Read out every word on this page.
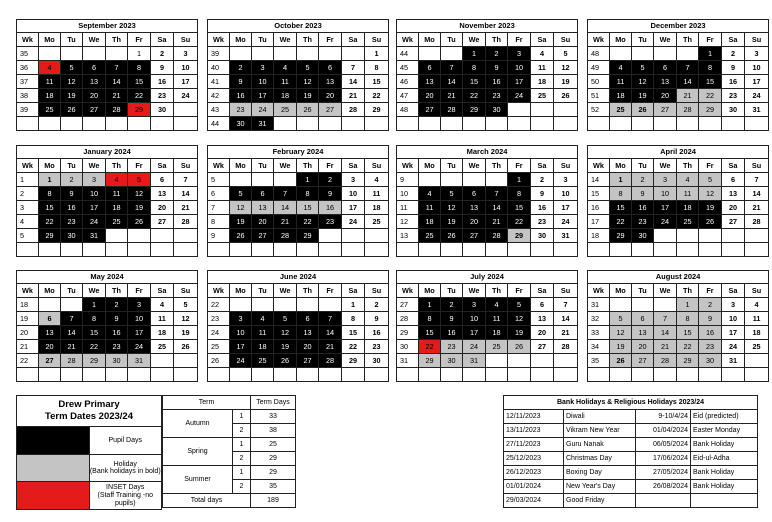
September 2023							
Wk	Mo	Tu	We	Th	Fr	Sa	Su
35					1	2	3
36	4	5	6	7	8	9	10
37	11	12	13	14	15	16	17
38	18	19	20	21	22	23	24
39	25	26	27	28	29	30	

October 2023							
Wk	Mo	Tu	We	Th	Fr	Sa	Su
39							1
40	2	3	4	5	6	7	8
41	9	10	11	12	13	14	15
42	16	17	18	19	20	21	22
43	23	24	25	26	27	28	29
44	30	31					
November 2023							
Wk	Mo	Tu	We	Th	Fr	Sa	Su
44			1	2	3	4	5
45	6	7	8	9	10	11	12
46	13	14	15	16	17	18	19
47	20	21	22	23	24	25	26
48	27	28	29	30			

December 2023							
Wk	Mo	Tu	We	Th	Fr	Sa	Su
48					1	2	3
49	4	5	6	7	8	9	10
50	11	12	13	14	15	16	17
51	18	19	20	21	22	23	24
52	25	26	27	28	29	30	31

January 2024							
Wk	Mo	Tu	We	Th	Fr	Sa	Su
1	1	2	3	4	5	6	7
2	8	9	10	11	12	13	14
3	15	16	17	18	19	20	21
4	22	23	24	25	26	27	28
5	29	30	31				

February 2024							
Wk	Mo	Tu	We	Th	Fr	Sa	Su
5				1	2	3	4
6	5	6	7	8	9	10	11
7	12	13	14	15	16	17	18
8	19	20	21	22	23	24	25
9	26	27	28	29			

March 2024							
Wk	Mo	Tu	We	Th	Fr	Sa	Su
9					1	2	3
10	4	5	6	7	8	9	10
11	11	12	13	14	15	16	17
12	18	19	20	21	22	23	24
13	25	26	27	28	29	30	31

April 2024							
Wk	Mo	Tu	We	Th	Fr	Sa	Su
14	1	2	3	4	5	6	7
15	8	9	10	11	12	13	14
16	15	16	17	18	19	20	21
17	22	23	24	25	26	27	28
18	29	30					

May 2024							
Wk	Mo	Tu	We	Th	Fr	Sa	Su
18			1	2	3	4	5
19	6	7	8	9	10	11	12
20	13	14	15	16	17	18	19
21	20	21	22	23	24	25	26
22	27	28	29	30	31		

June 2024							
Wk	Mo	Tu	We	Th	Fr	Sa	Su
22						1	2
23	3	4	5	6	7	8	9
24	10	11	12	13	14	15	16
25	17	18	19	20	21	22	23
26	24	25	26	27	28	29	30

July 2024							
Wk	Mo	Tu	We	Th	Fr	Sa	Su
27	1	2	3	4	5	6	7
28	8	9	10	11	12	13	14
29	15	16	17	18	19	20	21
30	22	23	24	25	26	27	28
31	29	30	31				

August 2024							
Wk	Mo	Tu	We	Th	Fr	Sa	Su
31				1	2	3	4
32	5	6	7	8	9	10	11
33	12	13	14	15	16	17	18
34	19	20	21	22	23	24	25
35	26	27	28	29	30	31	

Drew Primary
Term Dates 2023/24	

	Pupil Days

	Holiday
(Bank holidays in bold)

	INSET Days
(Staff Training -no
pupils)
Term		Term Days
Autumn	1	33
	2	38
Spring	1	25
	2	29
Summer	1	29
	2	35
Total days		189
Bank Holidays & Religious Holidays 2023/24			
12/11/2023	Diwali	9-10/4/24	Eid (predicted)
13/11/2023	Vikram New Year	01/04/2024	Easter Monday
27/11/2023	Guru Nanak	06/05/2024	Bank Holiday
25/12/2023	Christmas Day	17/06/2024	Eid-ul-Adha
26/12/2023	Boxing Day	27/05/2024	Bank Holiday
01/01/2024	New Year's Day	26/08/2024	Bank Holiday
29/03/2024	Good Friday		
